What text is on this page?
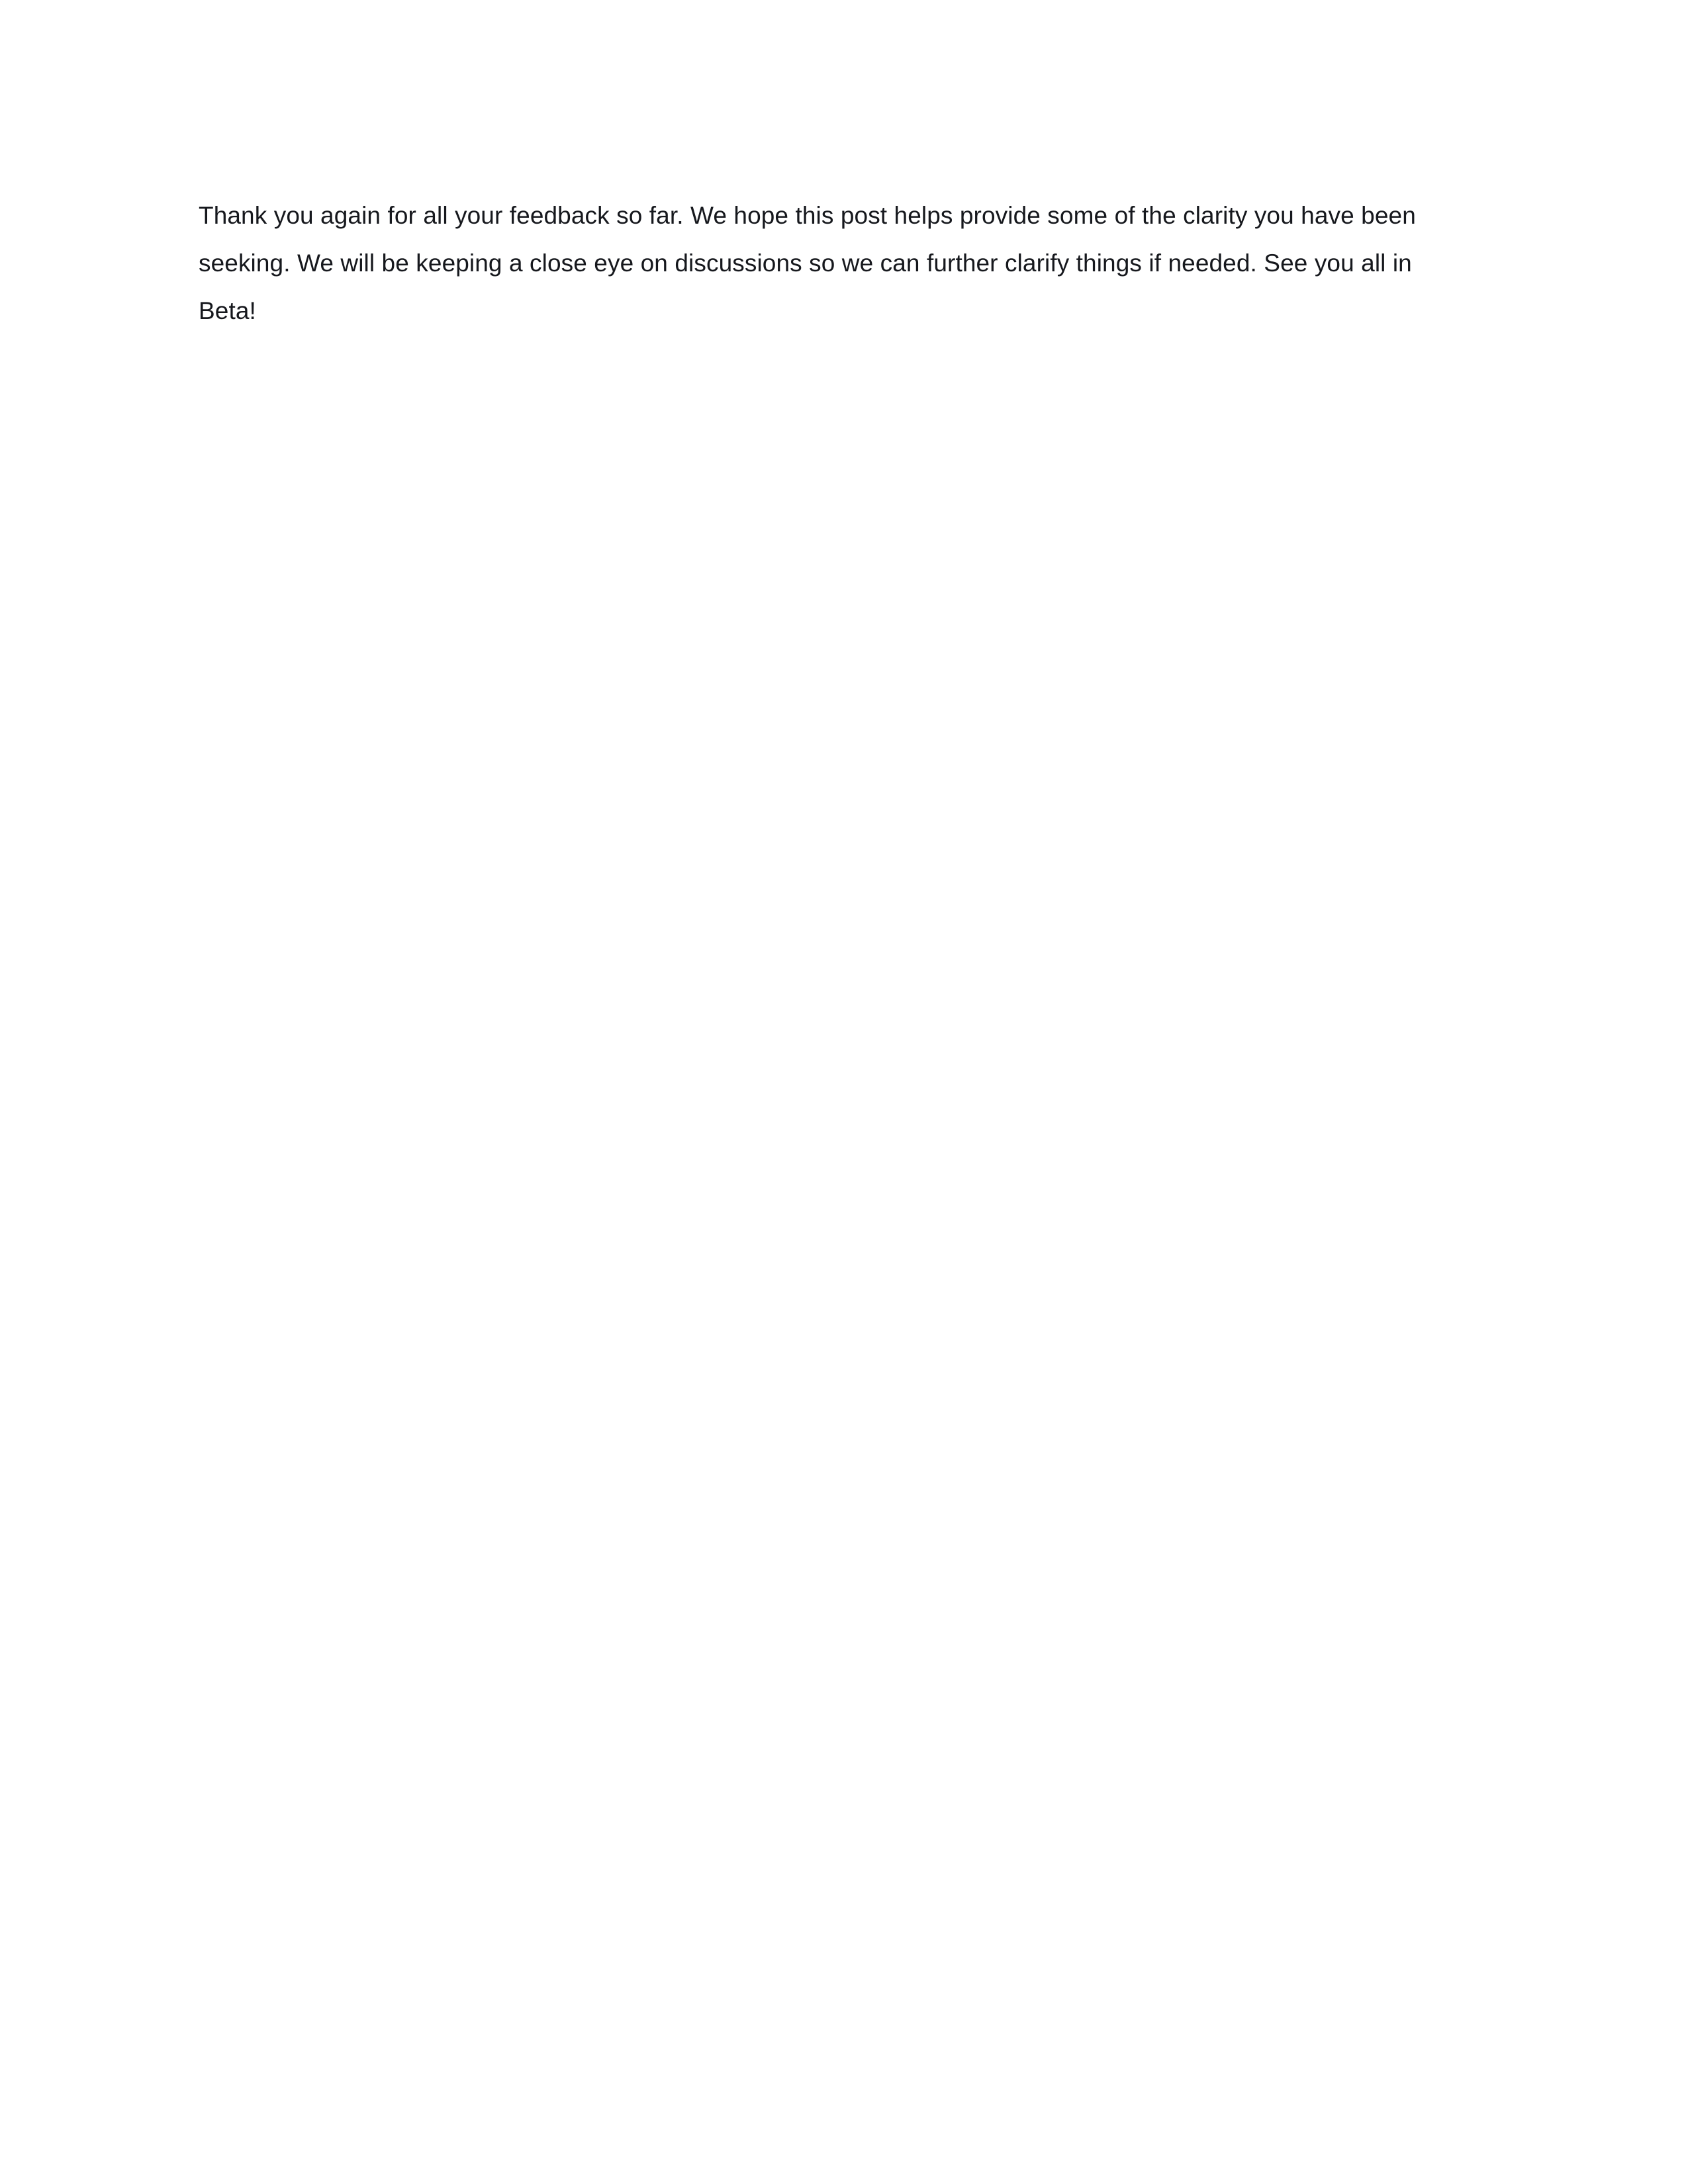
Thank you again for all your feedback so far. We hope this post helps provide some of the clarity you have been seeking. We will be keeping a close eye on discussions so we can further clarify things if needed. See you all in Beta!
